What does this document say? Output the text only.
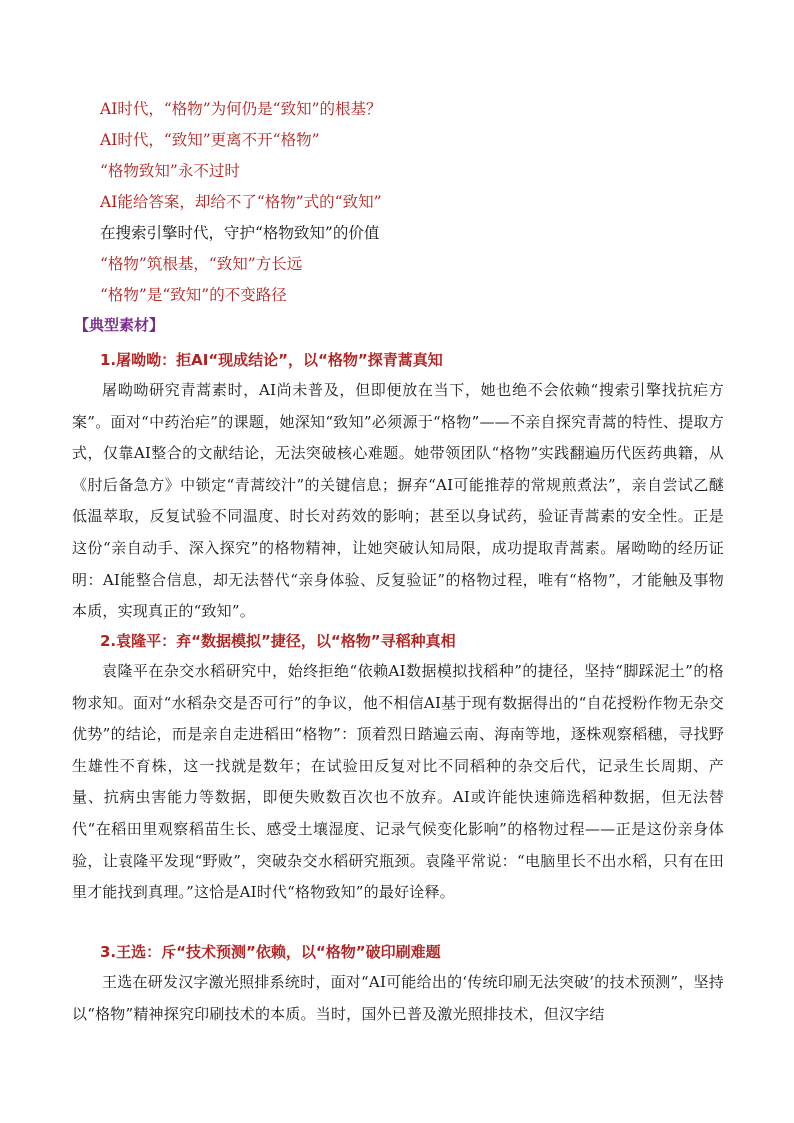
AI时代，“格物”为何仍是“致知”的根基？
AI时代，“致知”更离不开“格物”
“格物致知”永不过时
AI能给答案，却给不了“格物”式的“致知”
在搜索引擎时代，守护“格物致知”的价值
“格物”筑根基，“致知”方长远
“格物”是“致知”的不变路径
【典型素材】
1.屠呦呦：拒AI“现成结论”，以“格物”探青蒿真知

屠呦呦研究青蒿素时，AI尚未普及，但即便放在当下，她也绝不会依赖“搜索引擎找抗疟方案”。面对“中药治疟”的课题，她深知“致知”必须源于“格物”——不亲自探究青蒿的特性、提取方式，仅靠AI整合的文献结论，无法突破核心难题。她带领团队“格物”实践翻遍历代医药典籍，从《肘后备急方》中锁定“青蒿绞汁”的关键信息；摒弃“AI可能推荐的常规煎煮法”，亲自尝试乙醚低温萃取，反复试验不同温度、时长对药效的影响；甚至以身试药，验证青蒿素的安全性。正是这份“亲自动手、深入探究”的格物精神，让她突破认知局限，成功提取青蒿素。屠呦呦的经历证明：AI能整合信息，却无法替代“亲身体验、反复验证”的格物过程，唯有“格物”，才能触及事物本质，实现真正的“致知”。

2.袁隆平：弃“数据模拟”捷径，以“格物”寻稻种真相

袁隆平在杂交水稻研究中，始终拒绝“依赖AI数据模拟找稻种”的捷径，坚持“脚踩泥土”的格物求知。面对“水稻杂交是否可行”的争议，他不相信AI基于现有数据得出的“自花授粉作物无杂交优势”的结论，而是亲自走进稻田“格物”：顶着烈日踏遍云南、海南等地，逐株观察稻穗，寻找野生雄性不育株，这一找就是数年；在试验田反复对比不同稻种的杂交后代，记录生长周期、产量、抗病虫害能力等数据，即便失败数百次也不放弃。AI或许能快速筛选稻种数据，但无法替代“在稻田里观察稻苗生长、感受土壤湿度、记录气候变化影响”的格物过程——正是这份亲身体验，让袁隆平发现“野败”，突破杂交水稻研究瓶颈。袁隆平常说：“电脑里长不出水稻，只有在田里才能找到真理。”这恰是AI时代“格物致知”的最好诠释。

3.王选：斥“技术预测”依赖，以“格物”破印刷难题

王选在研发汉字激光照排系统时，面对“AI可能给出的‘传统印刷无法突破’的技术预测”，坚持以“格物”精神探究印刷技术的本质。当时，国外已普及激光照排技术，但汉字结
